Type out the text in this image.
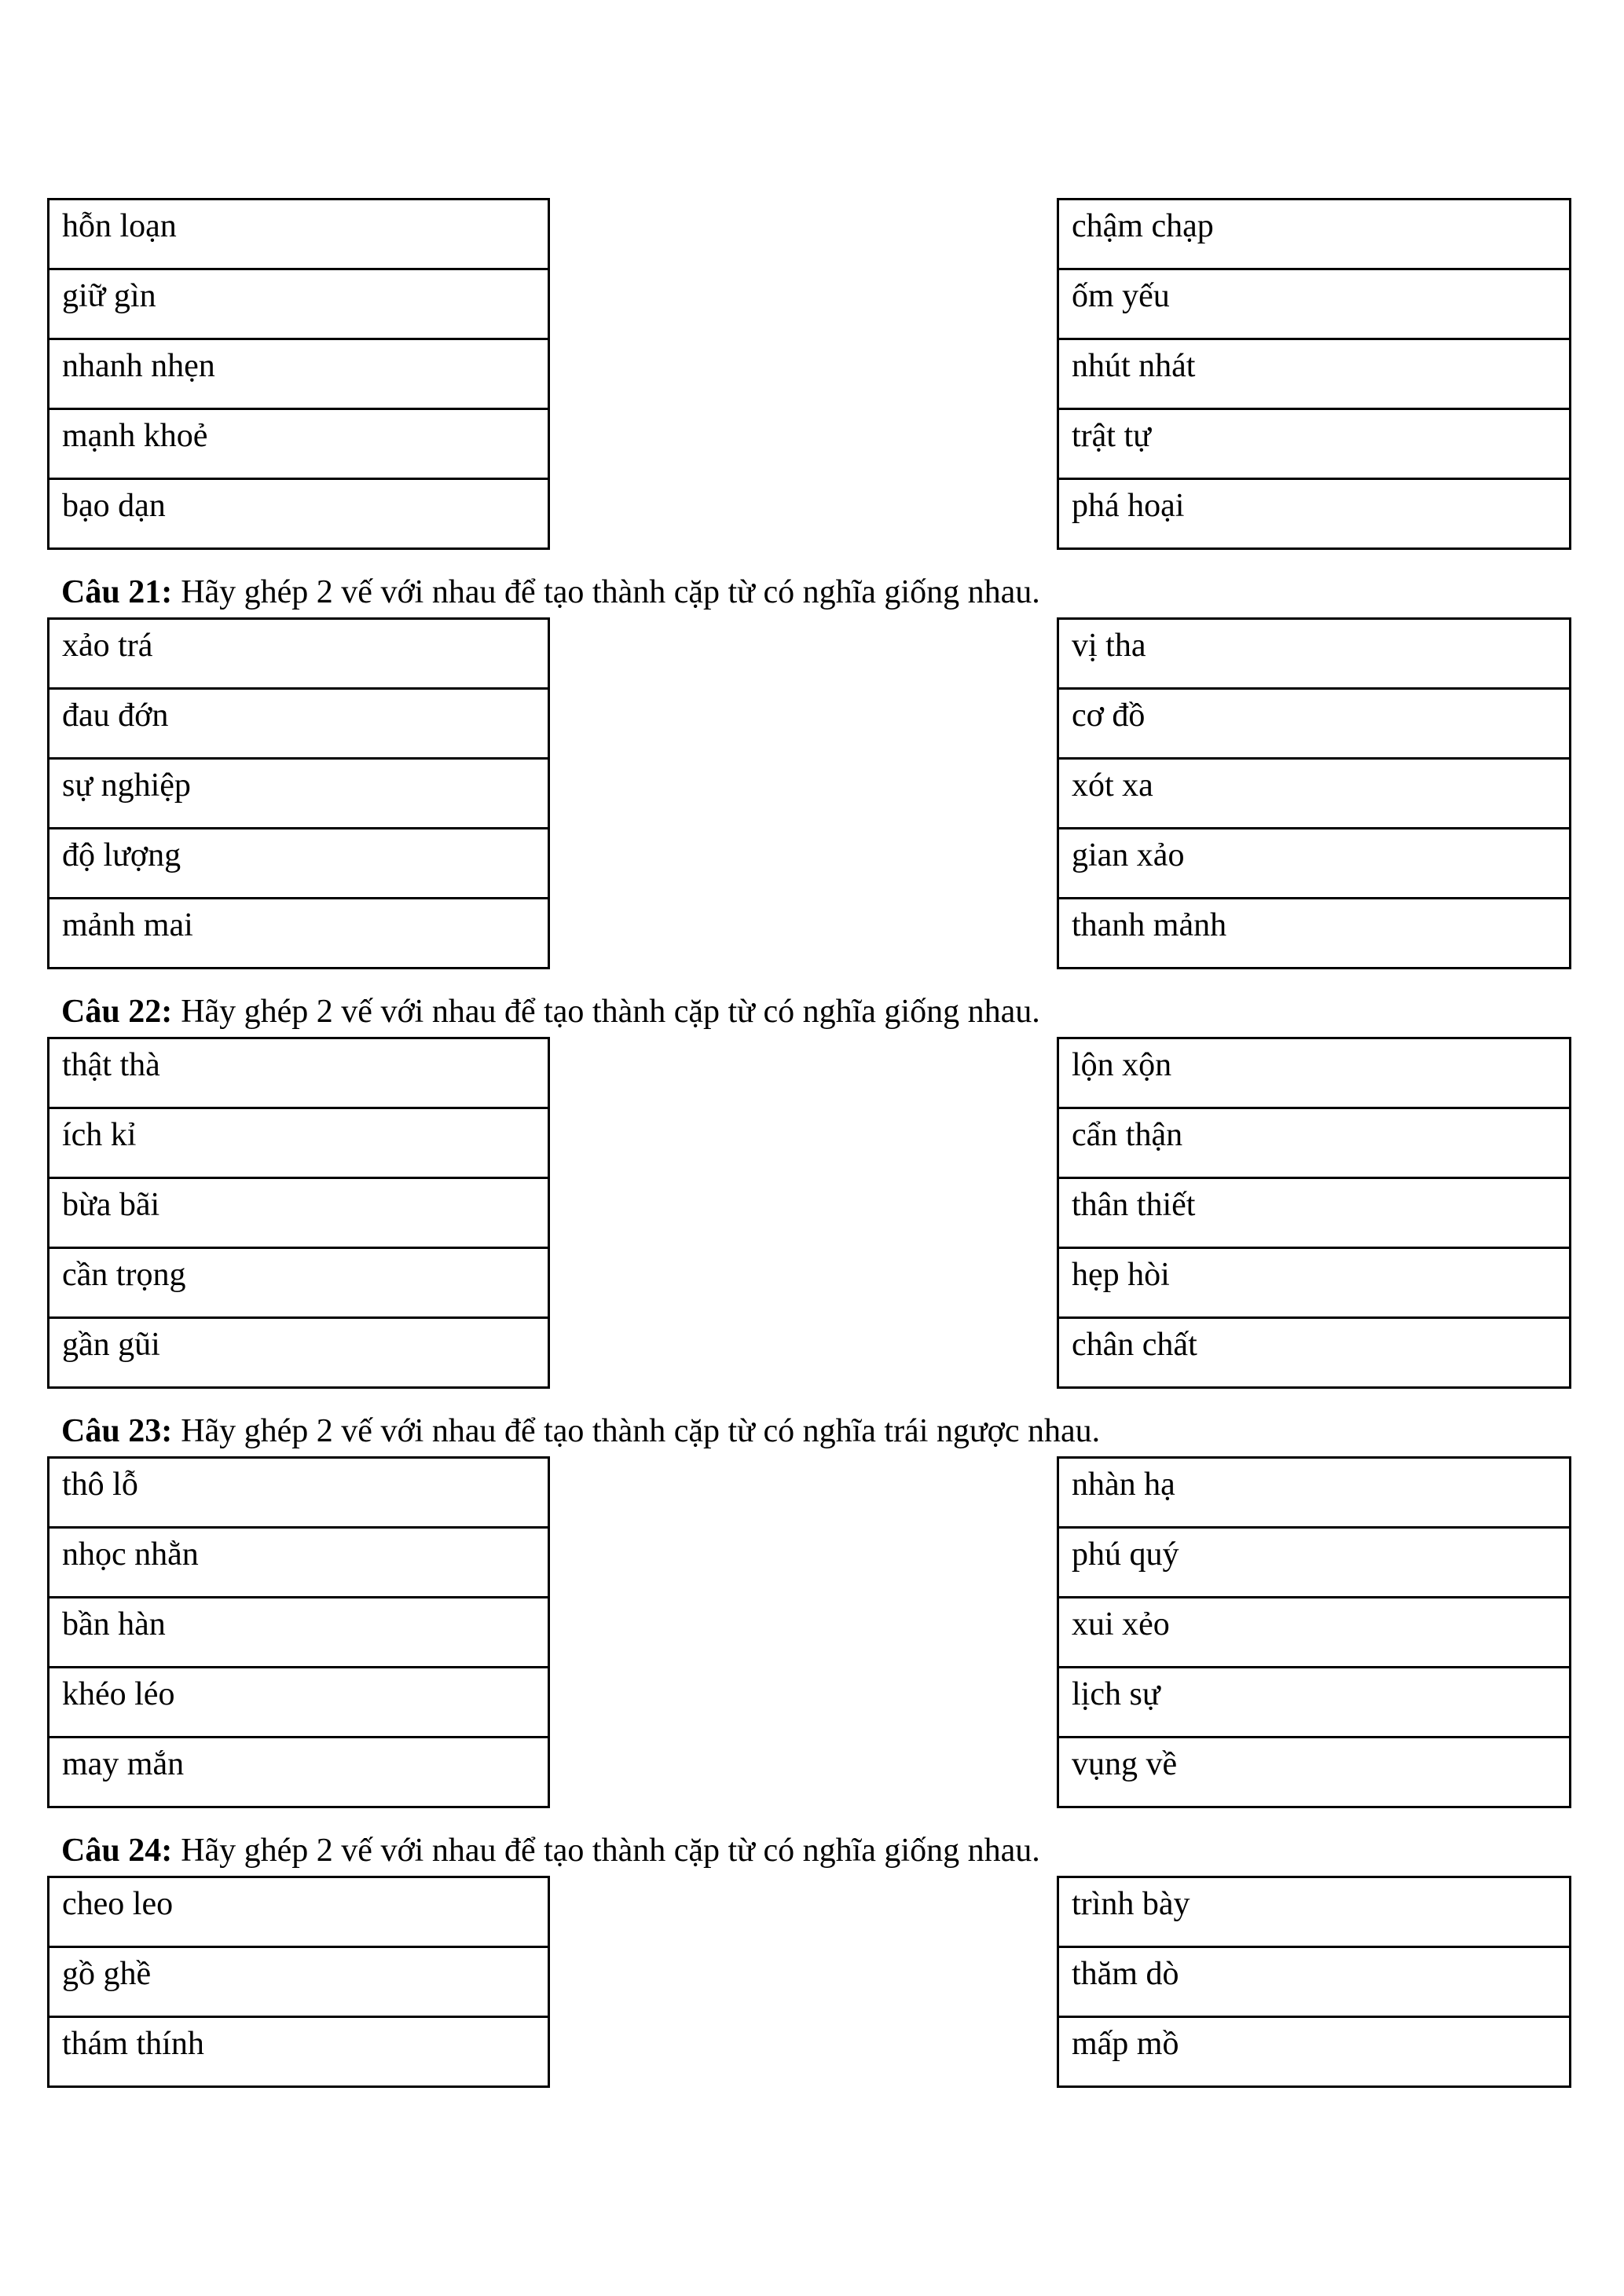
hỗn loạn
giữ gìn
nhanh nhẹn
mạnh khoẻ
bạo dạn
chậm chạp
ốm yếu
nhút nhát
trật tự
phá hoại
Câu 21: Hãy ghép 2 vế với nhau để tạo thành cặp từ có nghĩa giống nhau.
xảo trá
đau đớn
sự nghiệp
độ lượng
mảnh mai
vị tha
cơ đồ
xót xa
gian xảo
thanh mảnh
Câu 22: Hãy ghép 2 vế với nhau để tạo thành cặp từ có nghĩa giống nhau.
thật thà
ích kỉ
bừa bãi
cần trọng
gần gũi
lộn xộn
cẩn thận
thân thiết
hẹp hòi
chân chất
Câu 23: Hãy ghép 2 vế với nhau để tạo thành cặp từ có nghĩa trái ngược nhau.
thô lỗ
nhọc nhằn
bần hàn
khéo léo
may mắn
nhàn hạ
phú quý
xui xẻo
lịch sự
vụng về
Câu 24: Hãy ghép 2 vế với nhau để tạo thành cặp từ có nghĩa giống nhau.
cheo leo
gồ ghề
thám thính
trình bày
thăm dò
mấp mồ
